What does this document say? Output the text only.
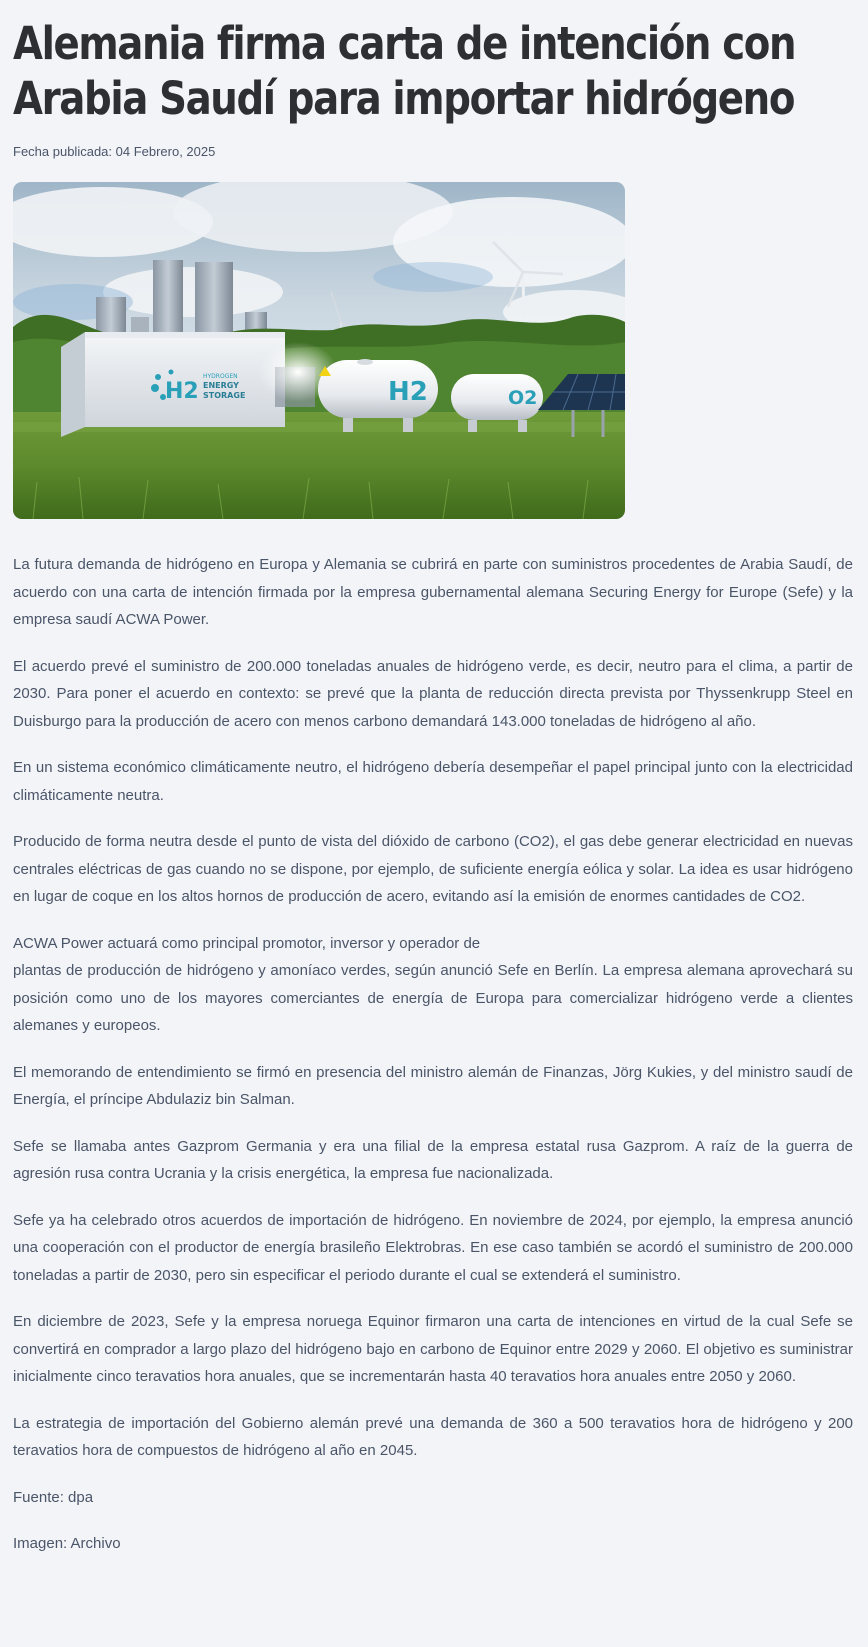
Alemania firma carta de intención con Arabia Saudí para importar hidrógeno
Fecha publicada: 04 Febrero, 2025
H2
HYDROGEN
ENERGY
STORAGE	H2	O2

La futura demanda de hidrógeno en Europa y Alemania se cubrirá en parte con suministros procedentes de Arabia Saudí, de acuerdo con una carta de intención firmada por la empresa gubernamental alemana Securing Energy for Europe (Sefe) y la empresa saudí ACWA Power.

El acuerdo prevé el suministro de 200.000 toneladas anuales de hidrógeno verde, es decir, neutro para el clima, a partir de 2030. Para poner el acuerdo en contexto: se prevé que la planta de reducción directa prevista por Thyssenkrupp Steel en Duisburgo para la producción de acero con menos carbono demandará 143.000 toneladas de hidrógeno al año.

En un sistema económico climáticamente neutro, el hidrógeno debería desempeñar el papel principal junto con la electricidad climáticamente neutra.

Producido de forma neutra desde el punto de vista del dióxido de carbono (CO2), el gas debe generar electricidad en nuevas centrales eléctricas de gas cuando no se dispone, por ejemplo, de suficiente energía eólica y solar. La idea es usar hidrógeno en lugar de coque en los altos hornos de producción de acero, evitando así la emisión de enormes cantidades de CO2.

ACWA Power actuará como principal promotor, inversor y operador de
plantas de producción de hidrógeno y amoníaco verdes, según anunció Sefe en Berlín. La empresa alemana aprovechará su posición como uno de los mayores comerciantes de energía de Europa para comercializar hidrógeno verde a clientes alemanes y europeos.

El memorando de entendimiento se firmó en presencia del ministro alemán de Finanzas, Jörg Kukies, y del ministro saudí de Energía, el príncipe Abdulaziz bin Salman.

Sefe se llamaba antes Gazprom Germania y era una filial de la empresa estatal rusa Gazprom. A raíz de la guerra de agresión rusa contra Ucrania y la crisis energética, la empresa fue nacionalizada.

Sefe ya ha celebrado otros acuerdos de importación de hidrógeno. En noviembre de 2024, por ejemplo, la empresa anunció una cooperación con el productor de energía brasileño Elektrobras. En ese caso también se acordó el suministro de 200.000 toneladas a partir de 2030, pero sin especificar el periodo durante el cual se extenderá el suministro.

En diciembre de 2023, Sefe y la empresa noruega Equinor firmaron una carta de intenciones en virtud de la cual Sefe se convertirá en comprador a largo plazo del hidrógeno bajo en carbono de Equinor entre 2029 y 2060. El objetivo es suministrar inicialmente cinco teravatios hora anuales, que se incrementarán hasta 40 teravatios hora anuales entre 2050 y 2060.

La estrategia de importación del Gobierno alemán prevé una demanda de 360 a 500 teravatios hora de hidrógeno y 200 teravatios hora de compuestos de hidrógeno al año en 2045.

Fuente: dpa

Imagen: Archivo
